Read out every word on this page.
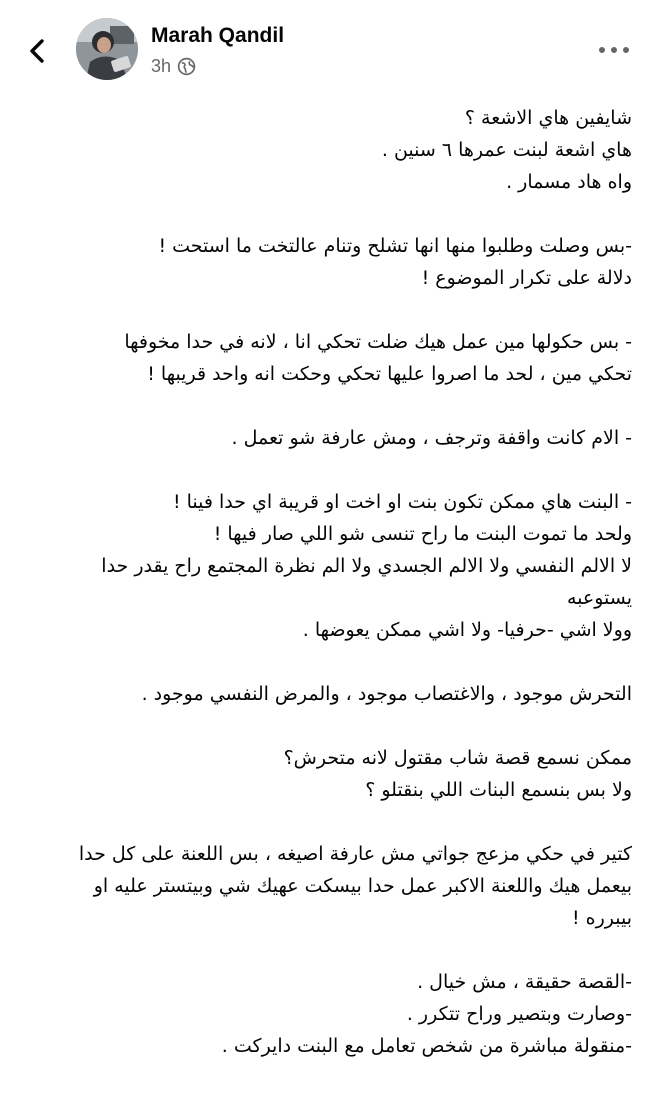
Marah Qandil
3h

شايفين هاي الاشعة ؟
هاي اشعة لبنت عمرها ٦ سنين .
واه هاد مسمار .

-بس وصلت وطلبوا منها انها تشلح وتنام عالتخت ما استحت !
دلالة على تكرار الموضوع !

- بس حكولها مين عمل هيك ضلت تحكي انا ، لانه في حدا مخوفها
تحكي مين ، لحد ما اصروا عليها تحكي وحكت انه واحد قريبها !

- الام كانت واقفة وترجف ، ومش عارفة شو تعمل .

- البنت هاي ممكن تكون بنت او اخت او قريبة اي حدا فينا !
ولحد ما تموت البنت ما راح تنسى شو اللي صار فيها !
لا الالم النفسي ولا الالم الجسدي ولا الم نظرة المجتمع راح يقدر حدا
يستوعبه
وولا اشي -حرفيا- ولا اشي ممكن يعوضها .

التحرش موجود ، والاغتصاب موجود ، والمرض النفسي موجود .

ممكن نسمع قصة شاب مقتول لانه متحرش؟
ولا بس بنسمع البنات اللي بنقتلو ؟

كتير في حكي مزعج جواتي مش عارفة اصيغه ، بس اللعنة على كل حدا
بيعمل هيك واللعنة الاكبر عمل حدا بيسكت عهيك شي وبيتستر عليه او
بيبرره !

-القصة حقيقة ، مش خيال .
-وصارت وبتصير وراح تتكرر .
-منقولة مباشرة من شخص تعامل مع البنت دايركت .
